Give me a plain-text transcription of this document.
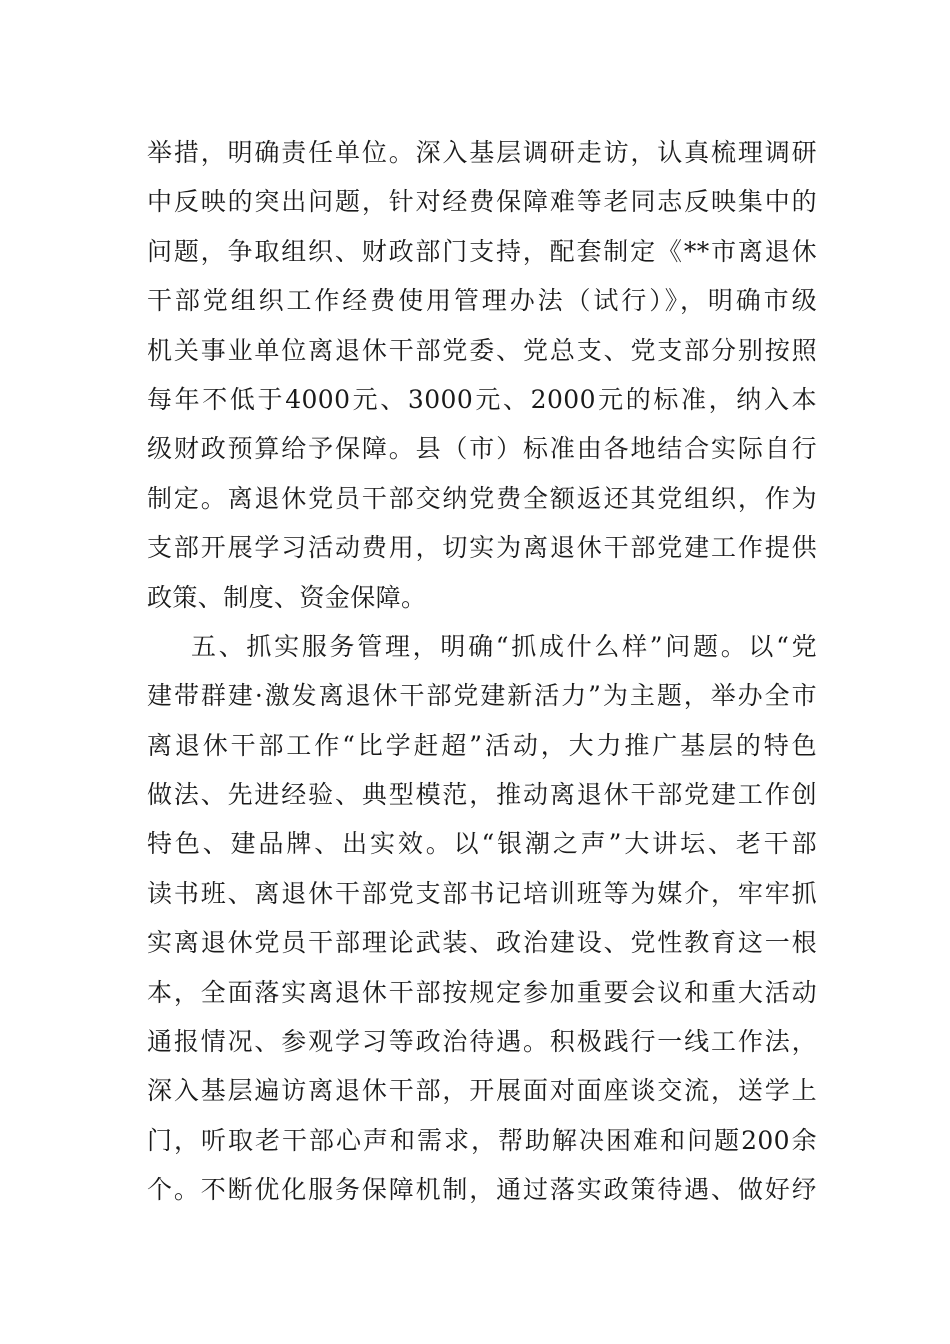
举措，明确责任单位。深入基层调研走访，认真梳理调研
中反映的突出问题，针对经费保障难等老同志反映集中的
问题，争取组织、财政部门支持，配套制定《**市离退休
干部党组织工作经费使用管理办法（试行）》，明确市级
机关事业单位离退休干部党委、党总支、党支部分别按照
每年不低于4000元、3000元、2000元的标准，纳入本
级财政预算给予保障。县（市）标准由各地结合实际自行
制定。离退休党员干部交纳党费全额返还其党组织，作为
支部开展学习活动费用，切实为离退休干部党建工作提供
政策、制度、资金保障。
五、抓实服务管理，明确“抓成什么样”问题。以“党
建带群建·激发离退休干部党建新活力”为主题，举办全市
离退休干部工作“比学赶超”活动，大力推广基层的特色
做法、先进经验、典型模范，推动离退休干部党建工作创
特色、建品牌、出实效。以“银潮之声”大讲坛、老干部
读书班、离退休干部党支部书记培训班等为媒介，牢牢抓
实离退休党员干部理论武装、政治建设、党性教育这一根
本，全面落实离退休干部按规定参加重要会议和重大活动
通报情况、参观学习等政治待遇。积极践行一线工作法，
深入基层遍访离退休干部，开展面对面座谈交流，送学上
门，听取老干部心声和需求，帮助解决困难和问题200余
个。不断优化服务保障机制，通过落实政策待遇、做好纾
